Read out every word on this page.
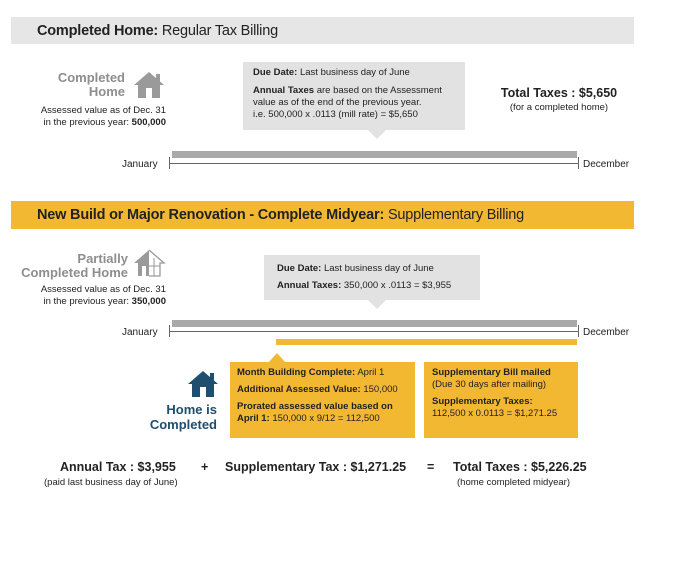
Completed Home: Regular Tax Billing
Completed
Home
Assessed value as of Dec. 31
in the previous year: 500,000
Due Date: Last business day of June
Annual Taxes are based on the Assessment
value as of the end of the previous year.
i.e. 500,000 x .0113 (mill rate) = $5,650
Total Taxes : $5,650
(for a completed home)
January	December
New Build or Major Renovation - Complete Midyear: Supplementary Billing
Partially
Completed Home
Assessed value as of Dec. 31
in the previous year: 350,000
Due Date: Last business day of June
Annual Taxes: 350,000 x .0113 = $3,955
January	December
Home is
Completed
Month Building Complete: April 1
Additional Assessed Value: 150,000
Prorated assessed value based on
April 1: 150,000 x 9/12 = 112,500
Supplementary Bill mailed
(Due 30 days after mailing)
Supplementary Taxes:
112,500 x 0.0113 = $1,271.25
Annual Tax : $3,955
(paid last business day of June)
+ Supplementary Tax : $1,271.25 = Total Taxes : $5,226.25
(home completed midyear)
